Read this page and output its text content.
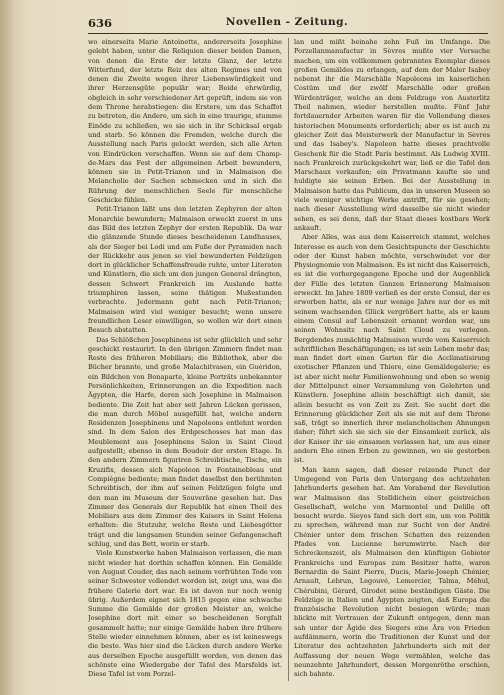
636	Novellen - Zeitung.

wo einerseits Marie Antoinette, andererseits Josephine gelebt haben, unter die Reliquien dieser beiden Damen, von denen die Erste der letzte Glanz, der letzte Witterfund, der letzte Reiz des alten Regimes und von denen die Zweite wegen ihrer Liebenswürdigkeit und ihrer Herzensgüte populär war; Beide ehrwürdig, obgleich in sehr verschiedener Art geprüft, indem sie von dem Throne herabstiegen: die Erstere, um das Schaffot zu betreten, die Andere, um sich in eine traurige, stumme Einöde zu schließen, wo sie sich in ihr Schicksal ergab und starb. So können die Fremden, welche durch die Ausstellung nach Paris gelockt werden, sich alle Arten von Eindrücken verschaffen. Wenn sie auf dem Champ-de-Mars das Fest der allgemeinen Arbeit bewundern, können sie in Petit-Trianon und in Malmaison die Melancholie der Sachen schmecken und in sich die Rührung der menschlichen Seele für menschliche Geschicke fühlen.

Petit-Trianon läßt uns den letzten Zephyren der alten Monarchie bewundern; Malmaison erweckt zuerst in uns das Bild des letzten Zephyr der ersten Republik. Da war die glänzende Stunde dieses bescheidenen Landhauses, als der Sieger bei Lodi und am Fuße der Pyramiden nach der Rückkehr aus jenen so viel bewunderten Feldzügen dort in glücklicher Schaffensfreude ruhte, unter Literaten und Künstlern, die sich um den jungen General drängten, dessen Schwert Frankreich im Auslande hatte triumphiren lassen, seine thätigen Mußestunden verbrachte. Jedermann geht nach Petit-Trianon; Malmaison wird viel weniger besucht; wenn unsere freundlichen Leser einwilligen, so wollen wir dort einen Besuch abstatten.

Das Schlößchen Josephinens ist sehr glücklich und sehr geschickt restaurirt. In den übrigen Zimmern findet man Reste des früheren Mobiliars; die Bibliothek, aber die Bücher brannte, und große Malachitvasen, ein Guéridon, ein Bildchen von Bonaparte, kleine Porträts unbekannter Persönlichkeiten, Erinnerungen an die Expedition nach Ägypten, die Harfe, deren sich Josephine in Malmaison bediente. Die Zeit hat aber seit Jahren Lücken gerissen, die man durch Möbel ausgefüllt hat, welche andern Residenzen Josephinens und Napoleons entlehnt worden sind. In dem Salon des Erdgeschosses hat man das Meublement aus Josephinens Salon in Saint Cloud aufgestellt; ebenso in dem Boudoir der ersten Etage. In den andern Zimmern figuriren Schreibtische, Tische, ein Kruzifix, dessen sich Napoleon in Fontainebleau und Compiègne bediente; man findet daselbst den berühmten Schreibtisch, der ihm auf seinen Feldzügen folgte und den man im Museum der Souveräne gesehen hat. Das Zimmer des Generals der Republik hat einen Theil des Mobiliars aus dem Zimmer des Kaisers in Saint Helena erhalten: die Stutzuhr, welche Reste und Liebesgötter trägt und die langsamen Stunden seiner Gefangenschaft schlug, und das Bett, worin er starb.

Viele Kunstwerke haben Malmaison verlassen, die man nicht wieder hat dorthin schaffen können. Ein Gemälde von August Couder, das nach seinem verfrühten Tode von seiner Schwester vollendet worden ist, zeigt uns, was die frühere Galerie dort war. Es ist davon nur noch wenig übrig. Außerdem eignet sich 1815 gegen eine schwache Summe die Gemälde der großen Meister an, welche Josephine dort mit einer so bescheidenen Sorgfalt gesammelt hatte; nur einige Gemälde haben ihre frühere Stelle wieder einnehmen können, aber es ist keineswegs die beste. Was hier sind die Lücken durch andere Werke aus derselben Epoche ausgefüllt worden, von denen das schönste eine Wiedergabe der Tafel des Marsfelds ist. Diese Tafel ist vom Porzel-

lan und mißt beinahe zehn Fuß im Umfange. Die Porzellanmanufactur in Sèvres mußte vier Versuche machen, um ein vollkommen gebranntes Exemplar dieses großen Gemäldes zu erlangen, auf dem der Maler Isabey nebenst ihr die Marschälle Napoleons im kaiserlichen Costüm und der zwölf Marschälle oder großen Würdenträger, welche an dem Feldzuge von Austerlitz Theil nahmen, wieder herstellen mußte. Fünf Jahr fortdauernder Arbeiten waren für die Vollendung dieses historischen Monuments erforderlich; aber es ist auch zu gleicher Zeit das Meisterwerk der Manufactur in Sèvres und das Isabey's. Napoleon hatte dieses prachtvolle Geschenk für die Stadt Paris bestimmt. Als Ludwig XVIII. nach Frankreich zurückgekehrt war, ließ er die Tafel den Marschaux verkaufen; ein Privatmann kaufte sie und huldigte sie seinen Erben. Bei der Ausstellung in Malmaison hatte das Publicum, das in unseren Museen so viele weniger wichtige Werke antrifft, für sie gesehen; nach dieser Ausstellung wird dasselbe sie nicht wieder sehen, es sei denn, daß der Staat dieses kostbare Werk ankauft.

Aber Alles, was aus dem Kaiserreich stammt, welches Interesse es auch von dem Gesichtspuncte der Geschichte oder der Kunst haben möchte, verschwindet vor der Physiognomie von Malmaison. Es ist nicht das Kaiserreich, es ist die vorhergegangene Epoche und der Augenblick der Fülle des letzten Ganzen Erinnerung Malmaison erweckt. Im Jahre 1809 verließ es der erste Consul, der es erworben hatte, als er nur wenige Jahre nur der es mit seinem wachsenden Glück vergrößert hatte, als er kaum einem Consul auf Lebenszeit ernannt worden war, um seinen Wohnsitz nach Saint Cloud zu verlegen. Bergdendes zumächtig Malmaison wurde vom Kaiserreich schriftlichen Beschäftigungen; es ist sein Leben mehr das; man findet dort einen Garten für die Acclimatisirung exotischer Pflanzen und Thiere, eine Gemäldegalerie; es ist aber nicht mehr Familienwohnung und eben so wenig der Mittelpunct einer Versammlung von Gelehrten und Künstlern. Josephine allein beschäftigt sich damit, sie allein besucht es von Zeit zu Zeit. Sie sucht dort die Erinnerung glücklicher Zeit als sie mit auf dem Throne saß, trägt so innerlich ihrer melancholischen Ahnungen daher; führt sich sie sich sie der Einsamkeit zurück, als der Kaiser ihr sie einsamen verlassen hat, um aus einer andern Ehe einen Erben zu gewinnen, wo sie gestorben ist.

Man kann sagen, daß dieser reizende Punct der Umgegend von Paris den Untergang des achtzehnten Jahrhunderts gesehen hat. Am Vorabend der Revolution war Malmaison das Stelldichein einer geistreichen Gesellschaft, welche von Marmontel und Delille oft besucht wurde. Sieyes fand sich dort ein, um von Politik zu sprechen, während man zur Sucht von der André Chénier unter dem frischen Schatten des reizenden Pfades von Lucienne herumwirrte. Nach der Schreckenszeit, als Malmaison den künftigen Gebieter Frankreichs und Europas zum Besitzer hatte, waren Bernardin de Saint Pierre, Ducis, Marie-Joseph Chénier, Arnault, Lebrun, Legouvé, Lemercier, Talma, Méhul, Chérubini, Gérard, Girodet seine beständigen Gäste. Die Feldzüge in Italien und Ägypten zeigten, daß Europa die französische Revolution nicht besiegen würde; man blickte mit Vertrauen der Zukunft entgegen, denn man sah unter der Ägide des Siegers eine Ära von Frieden aufdämmern, worin die Traditionen der Kunst und der Literatur des achtzehnten Jahrhunderts sich mit der Auffassung der neuen Wege vermählen, welche das neunzehnte Jahrhundert, dessen Morgenröthe erschien, sich bahnte.
